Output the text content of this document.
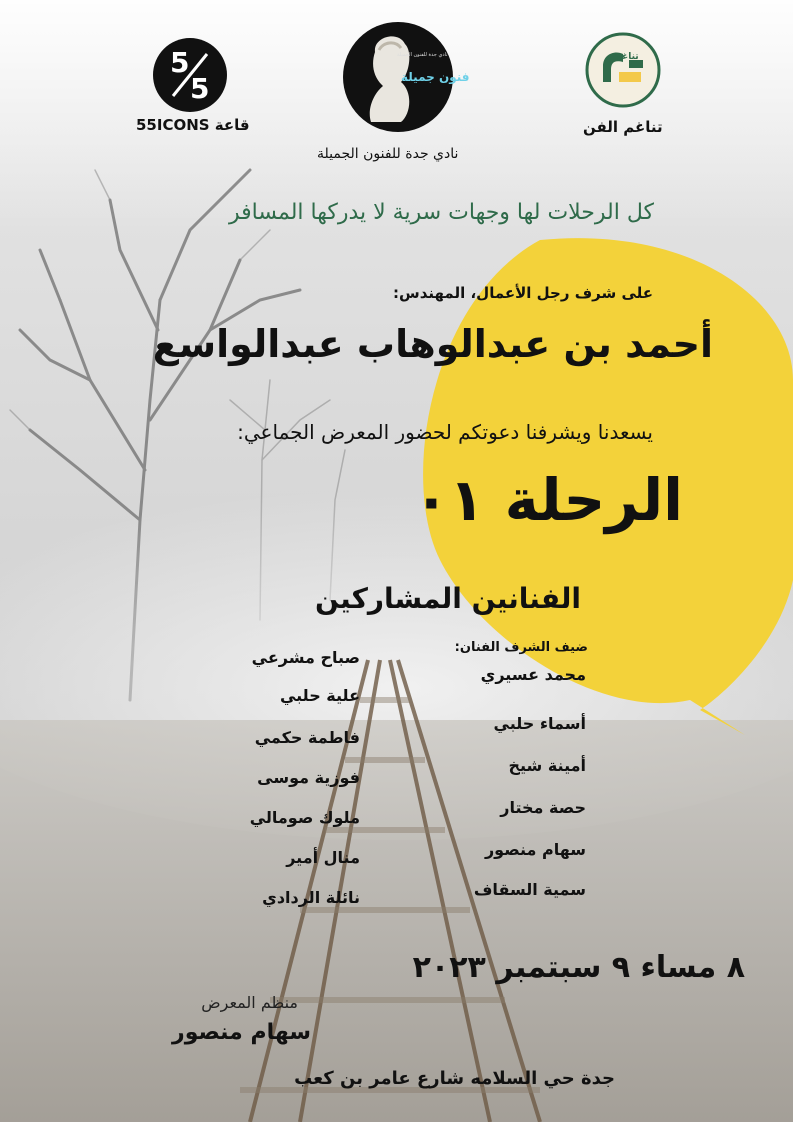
5
5
قاعة 55ICONS
فنون جميلة
نادي جدة للفنون الجميلة
نادي جدة للفنون الجميلة
تناغم
تناغم الفن
كل الرحلات لها وجهات سرية لا يدركها المسافر
على شرف رجل الأعمال، المهندس:
أحمد بن عبدالوهاب عبدالواسع
يسعدنا ويشرفنا دعوتكم لحضور المعرض الجماعي:
الرحلة ٠١
الفنانين المشاركين
ضيف الشرف الفنان:
محمد عسيري
أسماء حلبي
أمينة شيخ
حصة مختار
سهام منصور
سمية السقاف
صباح مشرعي
علية حلبي
فاطمة حكمي
فوزية موسى
ملوك صومالي
منال أمير
نائلة الردادي
٨ مساء ٩ سبتمبر ٢٠٢٣
منظم المعرض
سهام منصور
جدة حي السلامه شارع عامر بن كعب
